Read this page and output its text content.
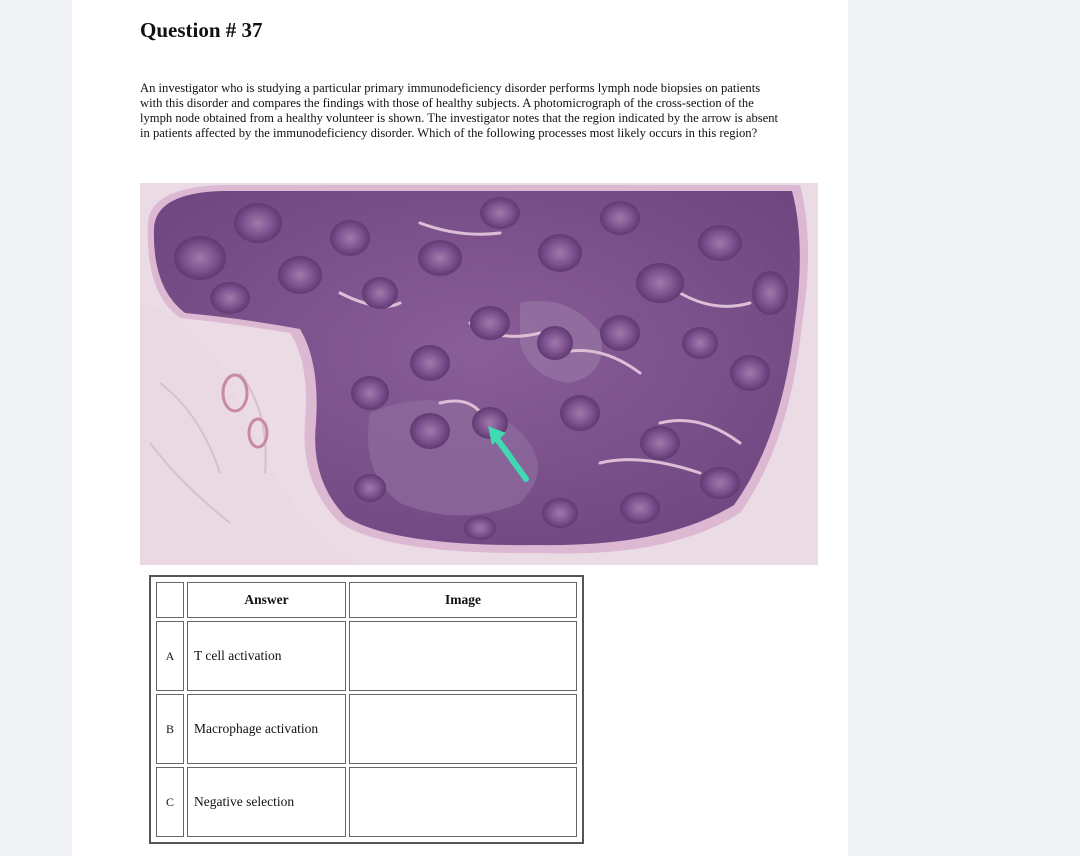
Question # 37

An investigator who is studying a particular primary immunodeficiency disorder performs lymph node biopsies on patients with this disorder and compares the findings with those of healthy subjects. A photomicrograph of the cross-section of the lymph node obtained from a healthy volunteer is shown. The investigator notes that the region indicated by the arrow is absent in patients affected by the immunodeficiency disorder. Which of the following processes most likely occurs in this region?

	Answer	Image
A	T cell activation	
B	Macrophage activation	
C	Negative selection	
